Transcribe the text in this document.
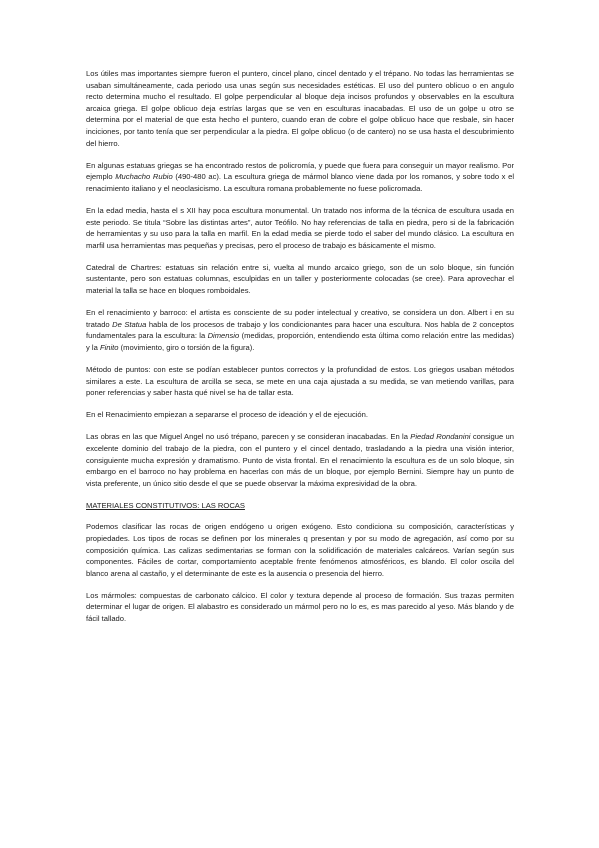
Los útiles mas importantes siempre fueron el puntero, cincel plano, cincel dentado y el trépano. No todas las herramientas se usaban simultáneamente, cada periodo usa unas según sus necesidades estéticas. El uso del puntero oblicuo o en angulo recto determina mucho el resultado. El golpe perpendicular al bloque deja incisos profundos y observables en la escultura arcaica griega. El golpe oblicuo deja estrías largas que se ven en esculturas inacabadas. El uso de un golpe u otro se determina por el material de que esta hecho el puntero, cuando eran de cobre el golpe oblicuo hace que resbale, sin hacer inciciones, por tanto tenía que ser perpendicular a la piedra. El golpe oblicuo (o de cantero) no se usa hasta el descubrimiento del hierro.

En algunas estatuas griegas se ha encontrado restos de policromía, y puede que fuera para conseguir un mayor realismo. Por ejemplo Muchacho Rubio (490-480 ac). La escultura griega de mármol blanco viene dada por los romanos, y sobre todo x el renacimiento italiano y el neoclasicismo. La escultura romana probablemente no fuese policromada.

En la edad media, hasta el s XII hay poca escultura monumental. Un tratado nos informa de la técnica de escultura usada en este periodo. Se titula “Sobre las distintas artes”, autor Teófilo. No hay referencias de talla en piedra, pero si de la fabricación de herramientas y su uso para la talla en marfil. En la edad media se pierde todo el saber del mundo clásico. La escultura en marfil usa herramientas mas pequeñas y precisas, pero el proceso de trabajo es básicamente el mismo.

Catedral de Chartres: estatuas sin relación entre si, vuelta al mundo arcaico griego, son de un solo bloque, sin función sustentante, pero son estatuas columnas, esculpidas en un taller y posteriormente colocadas (se cree). Para aprovechar el material la talla se hace en bloques romboidales.

En el renacimiento y barroco: el artista es consciente de su poder intelectual y creativo, se considera un don. Albert i en su tratado De Statua habla de los procesos de trabajo y los condicionantes para hacer una escultura. Nos habla de 2 conceptos fundamentales para la escultura: la Dimensio (medidas, proporción, entendiendo esta última como relación entre las medidas) y la Finito (movimiento, giro o torsión de la figura).

Método de puntos: con este se podían establecer puntos correctos y la profundidad de estos. Los griegos usaban métodos similares a este. La escultura de arcilla se seca, se mete en una caja ajustada a su medida, se van metiendo varillas, para poner referencias y saber hasta qué nivel se ha de tallar esta.

En el Renacimiento empiezan a separarse el proceso de ideación y el de ejecución.

Las obras en las que Miguel Angel no usó trépano, parecen y se consideran inacabadas. En la Piedad Rondanini consigue un excelente dominio del trabajo de la piedra, con el puntero y el cincel dentado, trasladando a la piedra una visión interior, consiguiente mucha expresión y dramatismo. Punto de vista frontal. En el renacimiento la escultura es de un solo bloque, sin embargo en el barroco no hay problema en hacerlas con más de un bloque, por ejemplo Bernini. Siempre hay un punto de vista preferente, un único sitio desde el que se puede observar la máxima expresividad de la obra.

MATERIALES CONSTITUTIVOS: LAS ROCAS

Podemos clasificar las rocas de origen endógeno u origen exógeno. Esto condiciona su composición, características y propiedades. Los tipos de rocas se definen por los minerales q presentan y por su modo de agregación, así como por su composición química. Las calizas sedimentarias se forman con la solidificación de materiales calcáreos. Varían según sus componentes. Fáciles de cortar, comportamiento aceptable frente fenómenos atmosféricos, es blando. El color oscila del blanco arena al castaño, y el determinante de este es la ausencia o presencia del hierro.

Los mármoles: compuestas de carbonato cálcico. El color y textura depende al proceso de formación. Sus trazas permiten determinar el lugar de origen. El alabastro es considerado un mármol pero no lo es, es mas parecido al yeso. Más blando y de fácil tallado.
